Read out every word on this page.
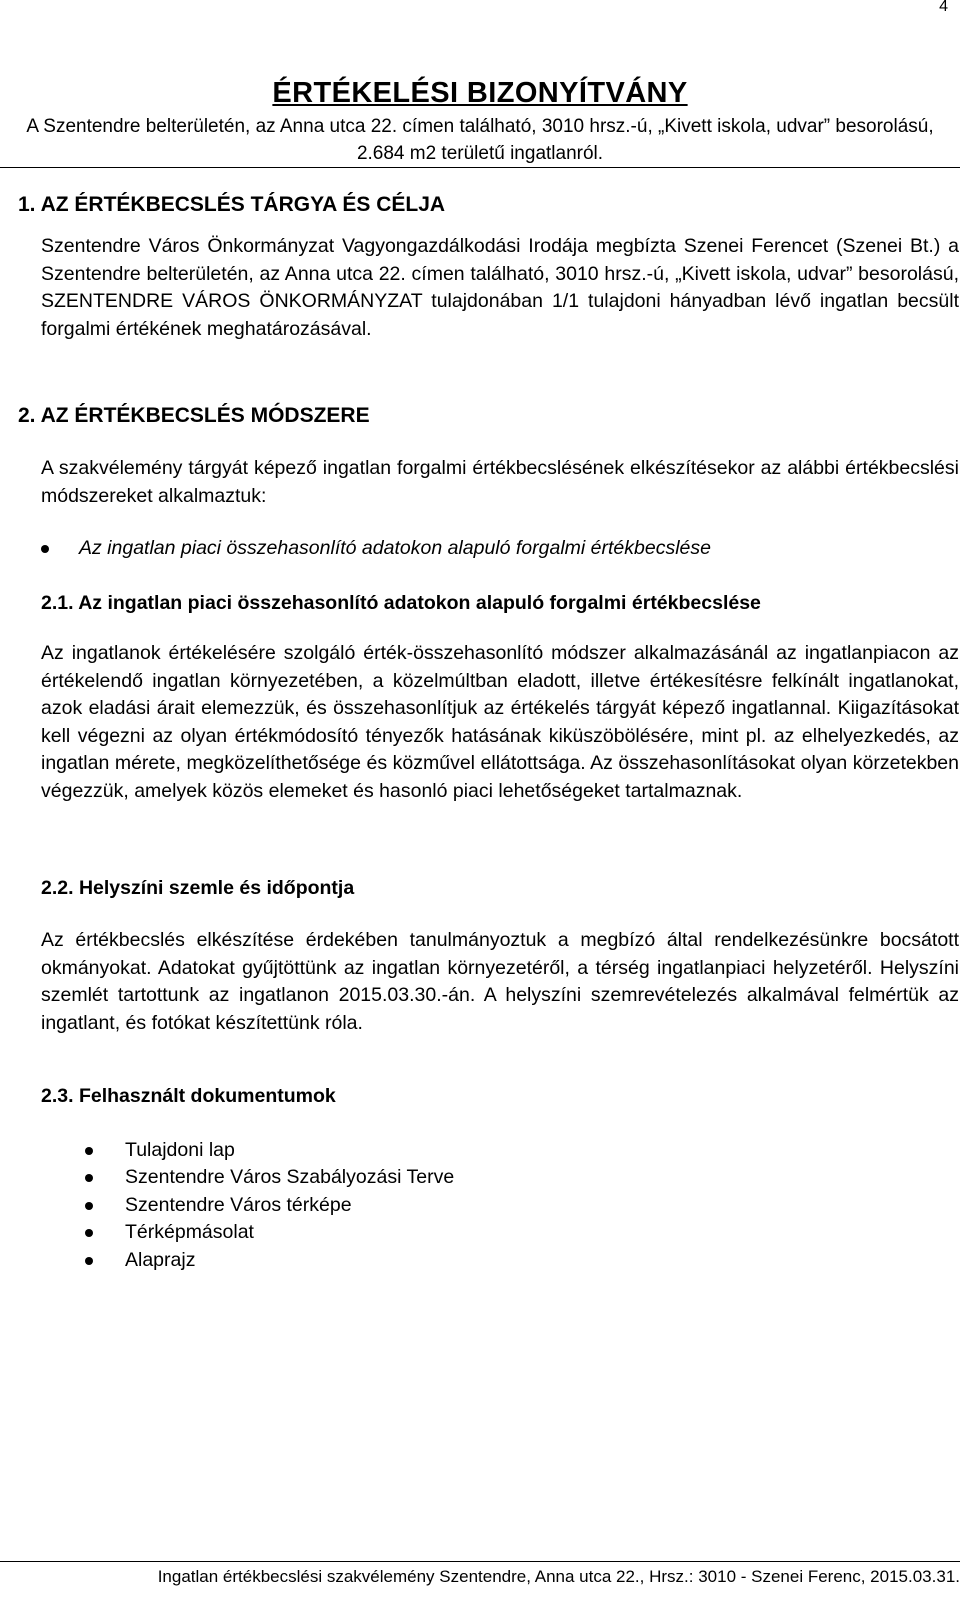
4
ÉRTÉKELÉSI BIZONYÍTVÁNY
A Szentendre belterületén, az Anna utca 22. címen található, 3010 hrsz.-ú, „Kivett iskola, udvar” besorolású, 2.684 m2 területű ingatlanról.
1. AZ ÉRTÉKBECSLÉS TÁRGYA ÉS CÉLJA
Szentendre Város Önkormányzat Vagyongazdálkodási Irodája megbízta Szenei Ferencet (Szenei Bt.) a Szentendre belterületén, az Anna utca 22. címen található, 3010 hrsz.-ú, „Kivett iskola, udvar” besorolású, SZENTENDRE VÁROS ÖNKORMÁNYZAT tulajdonában 1/1 tulajdoni hányadban lévő ingatlan becsült forgalmi értékének meghatározásával.
2. AZ ÉRTÉKBECSLÉS MÓDSZERE
A szakvélemény tárgyát képező ingatlan forgalmi értékbecslésének elkészítésekor az alábbi értékbecslési módszereket alkalmaztuk:
Az ingatlan piaci összehasonlító adatokon alapuló forgalmi értékbecslése
2.1. Az ingatlan piaci összehasonlító adatokon alapuló forgalmi értékbecslése
Az ingatlanok értékelésére szolgáló érték-összehasonlító módszer alkalmazásánál az ingatlanpiacon az értékelendő ingatlan környezetében, a közelmúltban eladott, illetve értékesítésre felkínált ingatlanokat, azok eladási árait elemezzük, és összehasonlítjuk az értékelés tárgyát képező ingatlannal. Kiigazításokat kell végezni az olyan értékmódosító tényezők hatásának kiküszöbölésére, mint pl. az elhelyezkedés, az ingatlan mérete, megközelíthetősége és közművel ellátottsága. Az összehasonlításokat olyan körzetekben végezzük, amelyek közös elemeket és hasonló piaci lehetőségeket tartalmaznak.
2.2. Helyszíni szemle és időpontja
Az értékbecslés elkészítése érdekében tanulmányoztuk a megbízó által rendelkezésünkre bocsátott okmányokat. Adatokat gyűjtöttünk az ingatlan környezetéről, a térség ingatlanpiaci helyzetéről. Helyszíni szemlét tartottunk az ingatlanon 2015.03.30.-án. A helyszíni szemrevételezés alkalmával felmértük az ingatlant, és fotókat készítettünk róla.
2.3. Felhasznált dokumentumok
Tulajdoni lap
Szentendre Város Szabályozási Terve
Szentendre Város térképe
Térképmásolat
Alaprajz
Ingatlan értékbecslési szakvélemény Szentendre, Anna utca 22., Hrsz.: 3010 - Szenei Ferenc, 2015.03.31.
